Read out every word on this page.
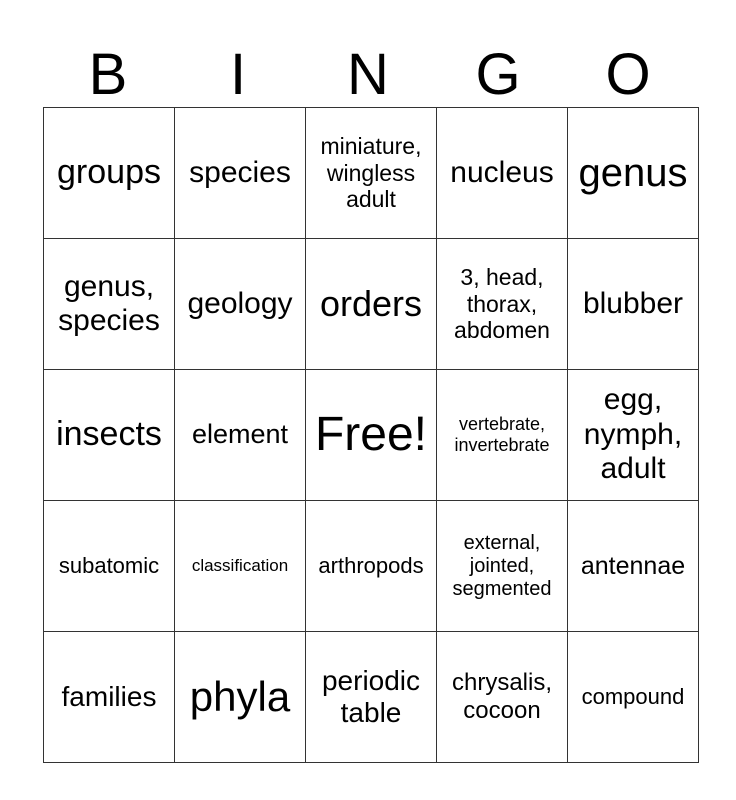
B	I	N	G	O
groups	species	miniature,
wingless
adult	nucleus	genus
genus,
species	geology	orders	3, head,
thorax,
abdomen	blubber
insects	element	Free!	vertebrate,
invertebrate	egg,
nymph,
adult
subatomic	classification	arthropods	external,
jointed,
segmented	antennae
families	phyla	periodic
table	chrysalis,
cocoon	compound
